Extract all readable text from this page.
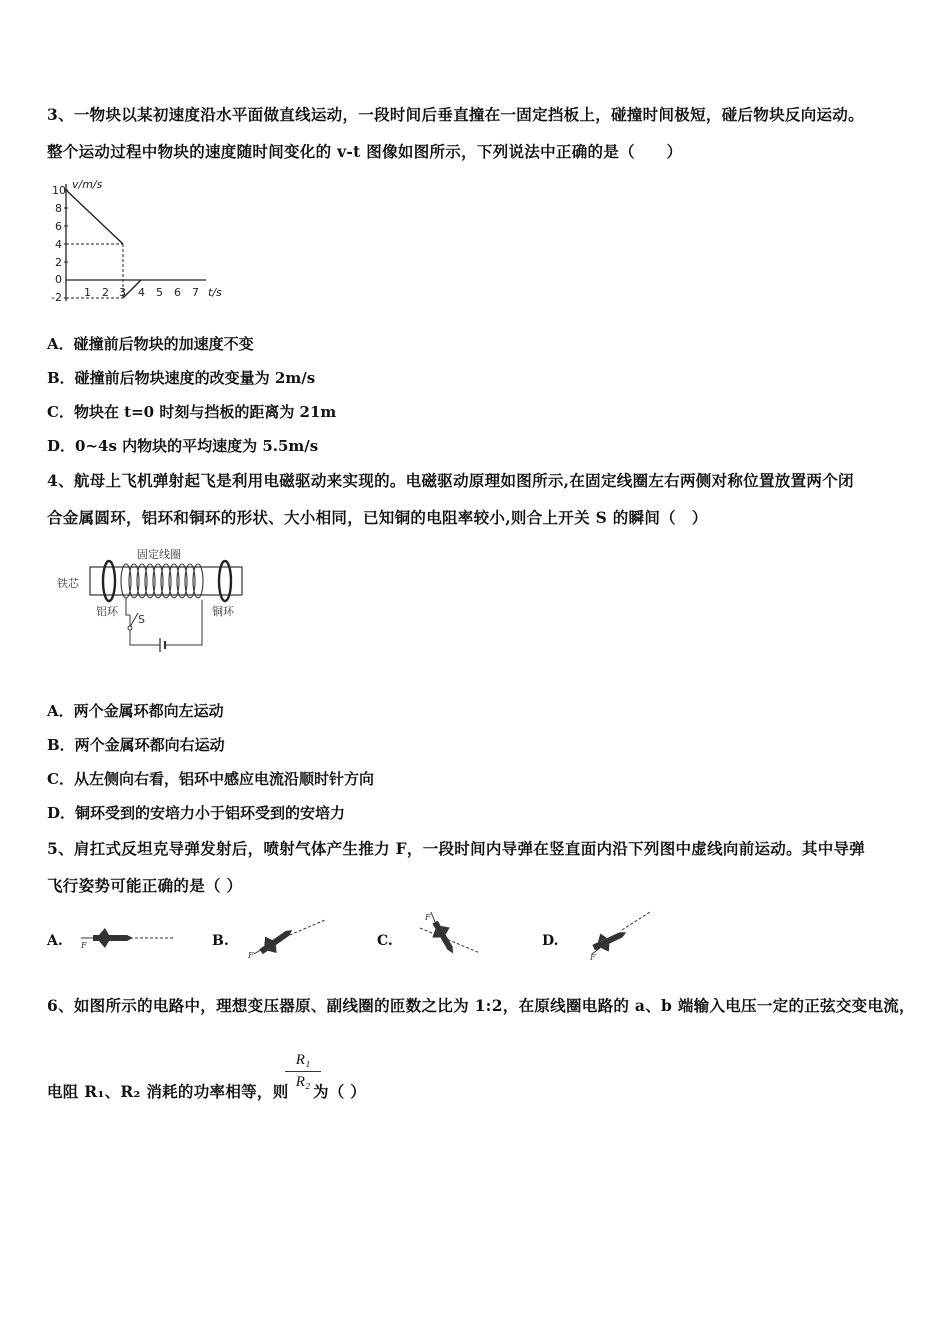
3、一物块以某初速度沿水平面做直线运动，一段时间后垂直撞在一固定挡板上，碰撞时间极短，碰后物块反向运动。
整个运动过程中物块的速度随时间变化的 v-t 图像如图所示，下列说法中正确的是（　　）
10
8
6
4
2
0
-2
v/m/s
t/s
1 2 3 4 5 6 7
A．碰撞前后物块的加速度不变
B．碰撞前后物块速度的改变量为 2m/s
C．物块在 t=0 时刻与挡板的距离为 21m
D．0~4s 内物块的平均速度为 5.5m/s
4、航母上飞机弹射起飞是利用电磁驱动来实现的。电磁驱动原理如图所示,在固定线圈左右两侧对称位置放置两个闭
合金属圆环，铝环和铜环的形状、大小相同，已知铜的电阻率较小,则合上开关 S 的瞬间（　）
固定线圈
铁芯
铝环	铜环
S
A．两个金属环都向左运动
B．两个金属环都向右运动
C．从左侧向右看，铝环中感应电流沿顺时针方向
D．铜环受到的安培力小于铝环受到的安培力
5、肩扛式反坦克导弹发射后，喷射气体产生推力 F，一段时间内导弹在竖直面内沿下列图中虚线向前运动。其中导弹
飞行姿势可能正确的是（ ）
A. F	B.
F
C.
F
D.
F
6、如图所示的电路中，理想变压器原、副线圈的匝数之比为 1:2，在原线圈电路的 a、b 端输入电压一定的正弦交变电流，
电阻 R₁、R₂ 消耗的功率相等，则
$\frac{\text{R₁}}{\text{R₂}}$
为（ ）
